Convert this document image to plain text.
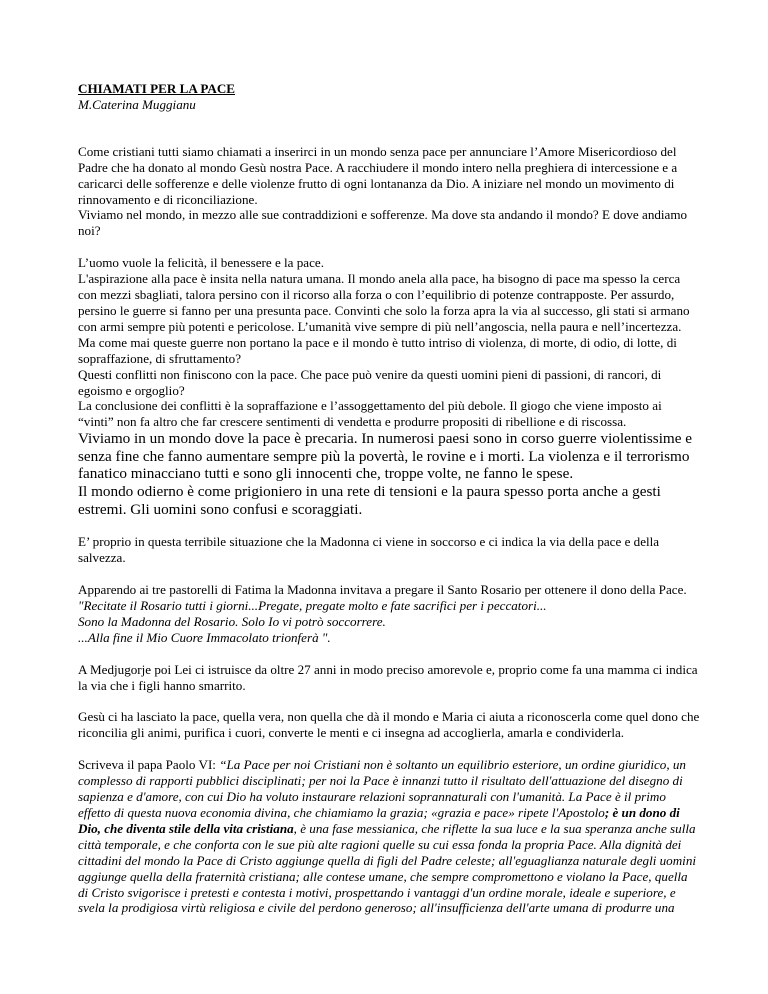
CHIAMATI PER LA PACE

M.Caterina Muggianu

Come cristiani tutti siamo chiamati a inserirci in un mondo senza pace per annunciare l’Amore Misericordioso del Padre che ha donato al mondo Gesù nostra Pace. A racchiudere il mondo intero nella preghiera di intercessione e a caricarci delle sofferenze e delle violenze frutto di ogni lontananza da Dio. A iniziare nel mondo un movimento di rinnovamento e di riconciliazione.

Viviamo nel mondo, in mezzo alle sue contraddizioni e sofferenze. Ma dove sta andando il mondo? E dove andiamo noi?

L’uomo vuole la felicità, il benessere e la pace.

L'aspirazione alla pace è insita nella natura umana. Il mondo anela alla pace, ha bisogno di pace ma spesso la cerca con mezzi sbagliati, talora persino con il ricorso alla forza o con l’equilibrio di potenze contrapposte. Per assurdo, persino le guerre si fanno per una presunta pace. Convinti che solo la forza apra la via al successo, gli stati si armano con armi sempre più potenti e pericolose. L’umanità vive sempre di più nell’angoscia, nella paura e nell’incertezza.

Ma come mai queste guerre non portano la pace e il mondo è tutto intriso di violenza, di morte, di odio, di lotte, di sopraffazione, di sfruttamento?

Questi conflitti non finiscono con la pace. Che pace può venire da questi uomini pieni di passioni, di rancori, di egoismo e orgoglio?

La conclusione dei conflitti è la sopraffazione e l’assoggettamento del più debole. Il giogo che viene imposto ai “vinti” non fa altro che far crescere sentimenti di vendetta e produrre propositi di ribellione e di riscossa.

Viviamo in un mondo dove la pace è precaria. In numerosi paesi sono in corso guerre violentissime e senza fine che fanno aumentare sempre più la povertà, le rovine e i morti. La violenza e il terrorismo fanatico minacciano tutti e sono gli innocenti che, troppe volte, ne fanno le spese.

Il mondo odierno è come prigioniero in una rete di tensioni e la paura spesso porta anche a gesti estremi. Gli uomini sono confusi e scoraggiati.

E’ proprio in questa terribile situazione che la Madonna ci viene in soccorso e ci indica la via della pace e della salvezza.

Apparendo ai tre pastorelli di Fatima la Madonna invitava a pregare il Santo Rosario per ottenere il dono della Pace. "Recitate il Rosario tutti i giorni...Pregate, pregate molto e fate sacrifici per i peccatori...
Sono la Madonna del Rosario. Solo Io vi potrò soccorrere.
...Alla fine il Mio Cuore Immacolato trionferà ".

A Medjugorje poi Lei ci istruisce da oltre 27 anni in modo preciso amorevole e, proprio come fa una mamma ci indica la via che i figli hanno smarrito.

Gesù ci ha lasciato la pace, quella vera, non quella che dà il mondo e Maria ci aiuta a riconoscerla come quel dono che riconcilia gli animi, purifica i cuori, converte le menti e ci insegna ad accoglierla, amarla e condividerla.

Scriveva il papa Paolo VI: “La Pace per noi Cristiani non è soltanto un equilibrio esteriore, un ordine giuridico, un complesso di rapporti pubblici disciplinati; per noi la Pace è innanzi tutto il risultato dell'attuazione del disegno di sapienza e d'amore, con cui Dio ha voluto instaurare relazioni soprannaturali con l'umanità. La Pace è il primo effetto di questa nuova economia divina, che chiamiamo la grazia; «grazia e pace» ripete l'Apostolo; è un dono di Dio, che diventa stile della vita cristiana, è una fase messianica, che riflette la sua luce e la sua speranza anche sulla città temporale, e che conforta con le sue più alte ragioni quelle su cui essa fonda la propria Pace. Alla dignità dei cittadini del mondo la Pace di Cristo aggiunge quella di figli del Padre celeste; all'eguaglianza naturale degli uomini aggiunge quella della fraternità cristiana; alle contese umane, che sempre compromettono e violano la Pace, quella di Cristo svigorisce i pretesti e contesta i motivi, prospettando i vantaggi d'un ordine morale, ideale e superiore, e svela la prodigiosa virtù religiosa e civile del perdono generoso; all'insufficienza dell'arte umana di produrre una
